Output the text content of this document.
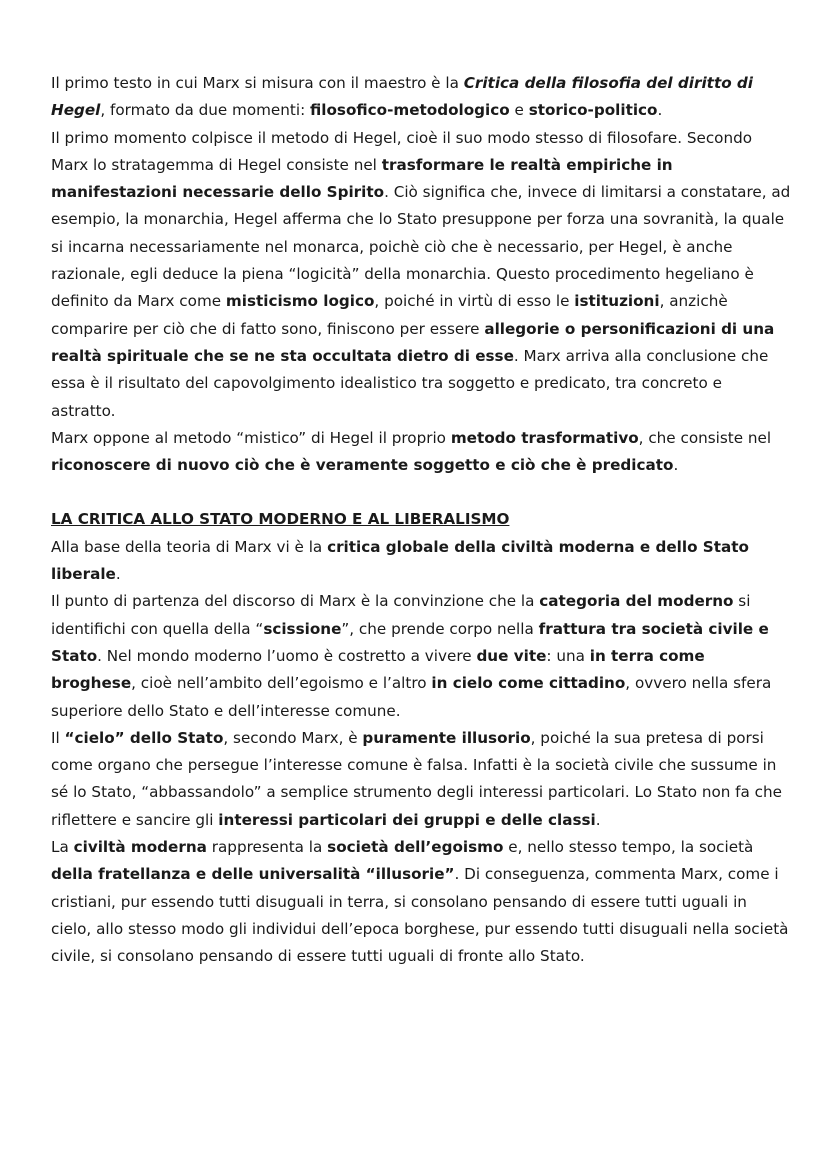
Il primo testo in cui Marx si misura con il maestro è la Critica della filosofia del diritto di Hegel, formato da due momenti: filosofico-metodologico e storico-politico.

Il primo momento colpisce il metodo di Hegel, cioè il suo modo stesso di filosofare. Secondo Marx lo stratagemma di Hegel consiste nel trasformare le realtà empiriche in manifestazioni necessarie dello Spirito. Ciò significa che, invece di limitarsi a constatare, ad esempio, la monarchia, Hegel afferma che lo Stato presuppone per forza una sovranità, la quale si incarna necessariamente nel monarca, poichè ciò che è necessario, per Hegel, è anche razionale, egli deduce la piena “logicità” della monarchia. Questo procedimento hegeliano è definito da Marx come misticismo logico, poiché in virtù di esso le istituzioni, anzichè comparire per ciò che di fatto sono, finiscono per essere allegorie o personificazioni di una realtà spirituale che se ne sta occultata dietro di esse. Marx arriva alla conclusione che essa è il risultato del capovolgimento idealistico tra soggetto e predicato, tra concreto e astratto.

Marx oppone al metodo “mistico” di Hegel il proprio metodo trasformativo, che consiste nel riconoscere di nuovo ciò che è veramente soggetto e ciò che è predicato.

LA CRITICA ALLO STATO MODERNO E AL LIBERALISMO

Alla base della teoria di Marx vi è la critica globale della civiltà moderna e dello Stato liberale.

Il punto di partenza del discorso di Marx è la convinzione che la categoria del moderno si identifichi con quella della “scissione”, che prende corpo nella frattura tra società civile e Stato. Nel mondo moderno l’uomo è costretto a vivere due vite: una in terra come broghese, cioè nell’ambito dell’egoismo e l’altro in cielo come cittadino, ovvero nella sfera superiore dello Stato e dell’interesse comune.

Il “cielo” dello Stato, secondo Marx, è puramente illusorio, poiché la sua pretesa di porsi come organo che persegue l’interesse comune è falsa. Infatti è la società civile che sussume in sé lo Stato, “abbassandolo” a semplice strumento degli interessi particolari. Lo Stato non fa che riflettere e sancire gli interessi particolari dei gruppi e delle classi.

La civiltà moderna rappresenta la società dell’egoismo e, nello stesso tempo, la società della fratellanza e delle universalità “illusorie”. Di conseguenza, commenta Marx, come i cristiani, pur essendo tutti disuguali in terra, si consolano pensando di essere tutti uguali in cielo, allo stesso modo gli individui dell’epoca borghese, pur essendo tutti disuguali nella società civile, si consolano pensando di essere tutti uguali di fronte allo Stato.
